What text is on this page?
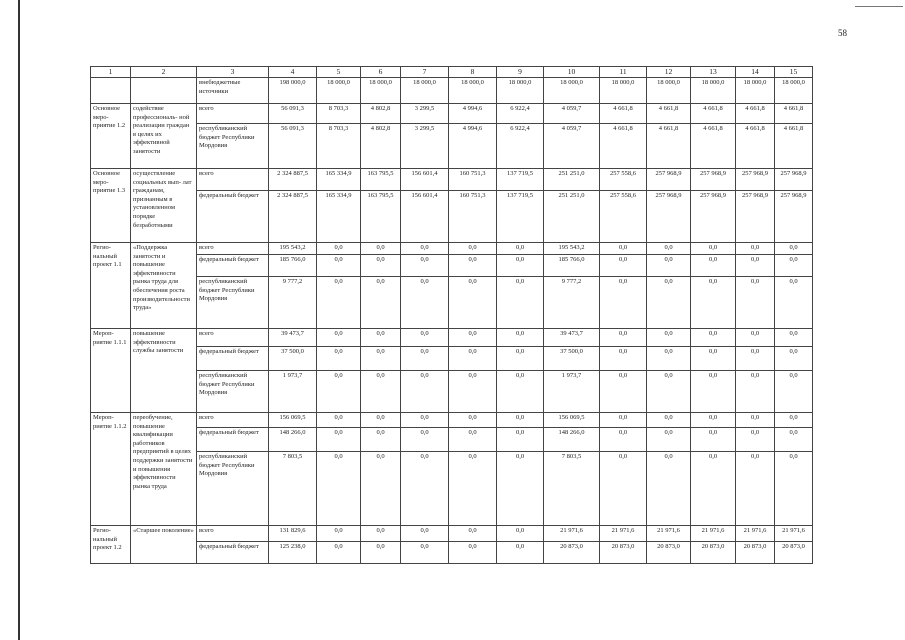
58
1	2	3	4	5	6	7	8	9	10	11	12	13	14	15
		внебюджетные источники	198 000,0	18 000,0	18 000,0	18 000,0	18 000,0	18 000,0	18 000,0	18 000,0	18 000,0	18 000,0	18 000,0	18 000,0
Основное меро- приятие 1.2	содействие профессиональ- ной реализации граждан в целях их эффективной занятости	всего	56 091,3	8 703,3	4 802,8	3 299,5	4 994,6	6 922,4	4 059,7	4 661,8	4 661,8	4 661,8	4 661,8	4 661,8
		республиканский бюджет Республики Мордовия	56 091,3	8 703,3	4 802,8	3 299,5	4 994,6	6 922,4	4 059,7	4 661,8	4 661,8	4 661,8	4 661,8	4 661,8
Основное меро- приятие 1.3	осуществление социальных вып- лат гражданам, признанным в установленном порядке безработными	всего	2 324 887,5	165 334,9	163 795,5	156 601,4	160 751,3	137 719,5	251 251,0	257 558,6	257 968,9	257 968,9	257 968,9	257 968,9
		федеральный бюджет	2 324 887,5	165 334,9	163 795,5	156 601,4	160 751,3	137 719,5	251 251,0	257 558,6	257 968,9	257 968,9	257 968,9	257 968,9
Регио- нальный проект 1.1	«Поддержка занятости и повышение эффективности рынка труда для обеспечения роста производительности труда»	всего	195 543,2	0,0	0,0	0,0	0,0	0,0	195 543,2	0,0	0,0	0,0	0,0	0,0
		федеральный бюджет	185 766,0	0,0	0,0	0,0	0,0	0,0	185 766,0	0,0	0,0	0,0	0,0	0,0
		республиканский бюджет Республики Мордовия	9 777,2	0,0	0,0	0,0	0,0	0,0	9 777,2	0,0	0,0	0,0	0,0	0,0
Мероп- риятие 1.1.1	повышение эффективности службы занятости	всего	39 473,7	0,0	0,0	0,0	0,0	0,0	39 473,7	0,0	0,0	0,0	0,0	0,0
		федеральный бюджет	37 500,0	0,0	0,0	0,0	0,0	0,0	37 500,0	0,0	0,0	0,0	0,0	0,0
		республиканский бюджет Республики Мордовия	1 973,7	0,0	0,0	0,0	0,0	0,0	1 973,7	0,0	0,0	0,0	0,0	0,0
Мероп- риятие 1.1.2	переобучение, повышение квалификации работников предприятий в целях поддержки занятости и повышения эффективности рынка труда	всего	156 069,5	0,0	0,0	0,0	0,0	0,0	156 069,5	0,0	0,0	0,0	0,0	0,0
		федеральный бюджет	148 266,0	0,0	0,0	0,0	0,0	0,0	148 266,0	0,0	0,0	0,0	0,0	0,0
		республиканский бюджет Республики Мордовия	7 803,5	0,0	0,0	0,0	0,0	0,0	7 803,5	0,0	0,0	0,0	0,0	0,0
Регио- нальный проект 1.2	«Старшее поколение»	всего	131 829,6	0,0	0,0	0,0	0,0	0,0	21 971,6	21 971,6	21 971,6	21 971,6	21 971,6	21 971,6
		федеральный бюджет	125 238,0	0,0	0,0	0,0	0,0	0,0	20 873,0	20 873,0	20 873,0	20 873,0	20 873,0	20 873,0
